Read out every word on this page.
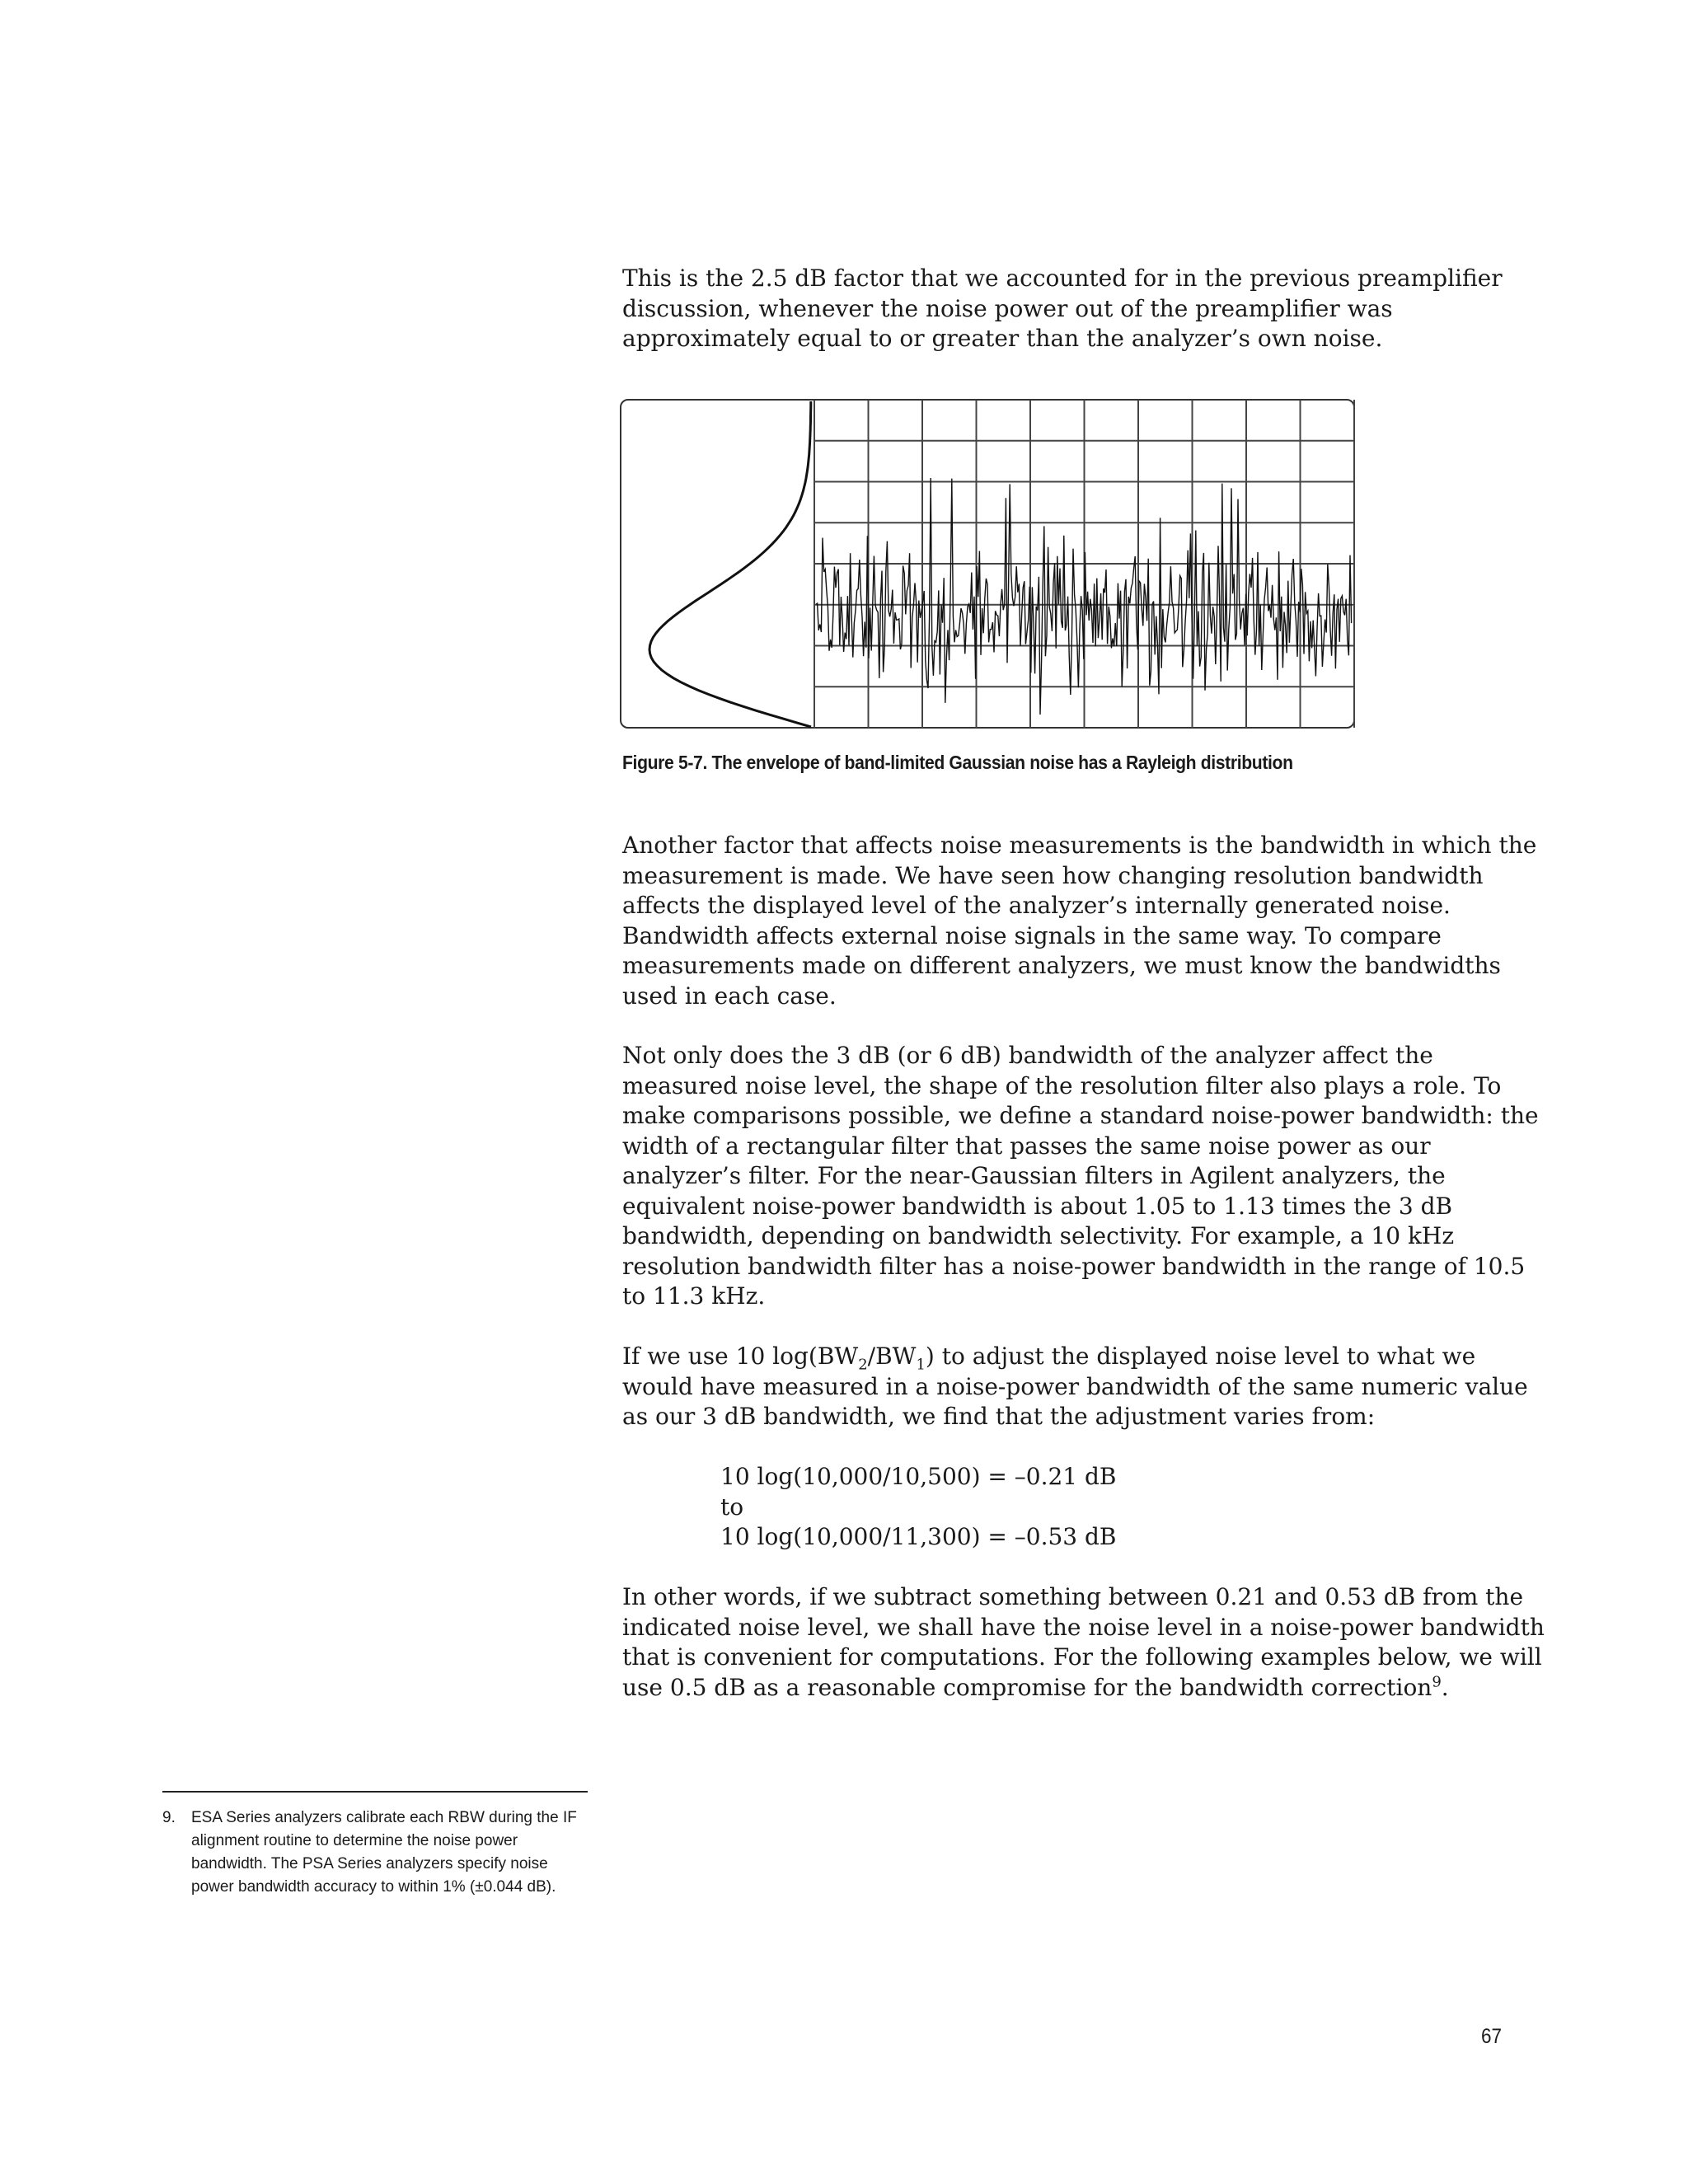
This is the 2.5 dB factor that we accounted for in the previous preamplifier discussion, whenever the noise power out of the preamplifier was approximately equal to or greater than the analyzer’s own noise.

Figure 5-7. The envelope of band-limited Gaussian noise has a Rayleigh distribution

Another factor that affects noise measurements is the bandwidth in which the measurement is made. We have seen how changing resolution bandwidth affects the displayed level of the analyzer’s internally generated noise. Bandwidth affects external noise signals in the same way. To compare measurements made on different analyzers, we must know the bandwidths used in each case.

Not only does the 3 dB (or 6 dB) bandwidth of the analyzer affect the measured noise level, the shape of the resolution filter also plays a role. To make comparisons possible, we define a standard noise-power bandwidth: the width of a rectangular filter that passes the same noise power as our analyzer’s filter. For the near-Gaussian filters in Agilent analyzers, the equivalent noise-power bandwidth is about 1.05 to 1.13 times the 3 dB bandwidth, depending on bandwidth selectivity. For example, a 10 kHz resolution bandwidth filter has a noise-power bandwidth in the range of 10.5 to 11.3 kHz.

If we use 10 $\log(BW_2/BW_1)$ to adjust the displayed noise level to what we would have measured in a noise-power bandwidth of the same numeric value as our 3 dB bandwidth, we find that the adjustment varies from:

10 log(10,000/10,500) = –0.21 dB
to
10 log(10,000/11,300) = –0.53 dB

In other words, if we subtract something between 0.21 and 0.53 dB from the indicated noise level, we shall have the noise level in a noise-power bandwidth that is convenient for computations. For the following examples below, we will use 0.5 dB as a reasonable compromise for the bandwidth correction$^9$.

9. ESA Series analyzers calibrate each RBW during the IF alignment routine to determine the noise power bandwidth. The PSA Series analyzers specify noise power bandwidth accuracy to within 1% (±0.044 dB).
67
